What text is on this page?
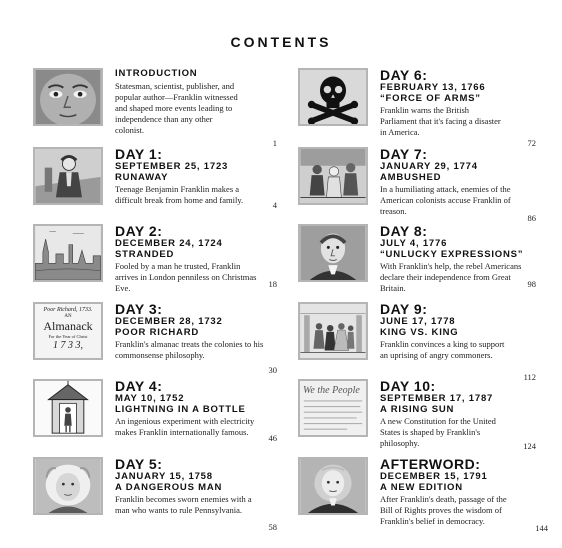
CONTENTS
INTRODUCTION
Statesman, scientist, publisher, and popular author—Franklin witnessed and shaped more events leading to independence than any other colonist.
1
DAY 1:
SEPTEMBER 25, 1723
RUNAWAY
Teenage Benjamin Franklin makes a difficult break from home and family.	4
DAY 2:
DECEMBER 24, 1724
STRANDED
Fooled by a man he trusted, Franklin arrives in London penniless on Christmas Eve.	18
Poor Richard, 1733.
AN
Almanack
For the Year of Christ
1 7 3 3,
DAY 3:
DECEMBER 28, 1732
POOR RICHARD
Franklin's almanac treats the colonies to his commonsense philosophy.
30
DAY 4:
MAY 10, 1752
LIGHTNING IN A BOTTLE
An ingenious experiment with electricity makes Franklin internationally famous.
46
DAY 5:
JANUARY 15, 1758
A DANGEROUS MAN
Franklin becomes sworn enemies with a man who wants to rule Pennsylvania.
58
DAY 6:
FEBRUARY 13, 1766
“FORCE OF ARMS”
Franklin warns the British Parliament that it's facing a disaster in America.
72
DAY 7:
JANUARY 29, 1774
AMBUSHED
In a humiliating attack, enemies of the American colonists accuse Franklin of treason.
86
DAY 8:
JULY 4, 1776
“UNLUCKY EXPRESSIONS”
With Franklin's help, the rebel Americans declare their independence from Great Britain.	98
DAY 9:
JUNE 17, 1778
KING VS. KING
Franklin convinces a king to support an uprising of angry commoners.
112
We the People	DAY 10:
SEPTEMBER 17, 1787
A RISING SUN
A new Constitution for the United States is shaped by Franklin's philosophy.	124
AFTERWORD:
DECEMBER 15, 1791
A NEW EDITION
After Franklin's death, passage of the Bill of Rights proves the wisdom of Franklin's belief in democracy.
144
